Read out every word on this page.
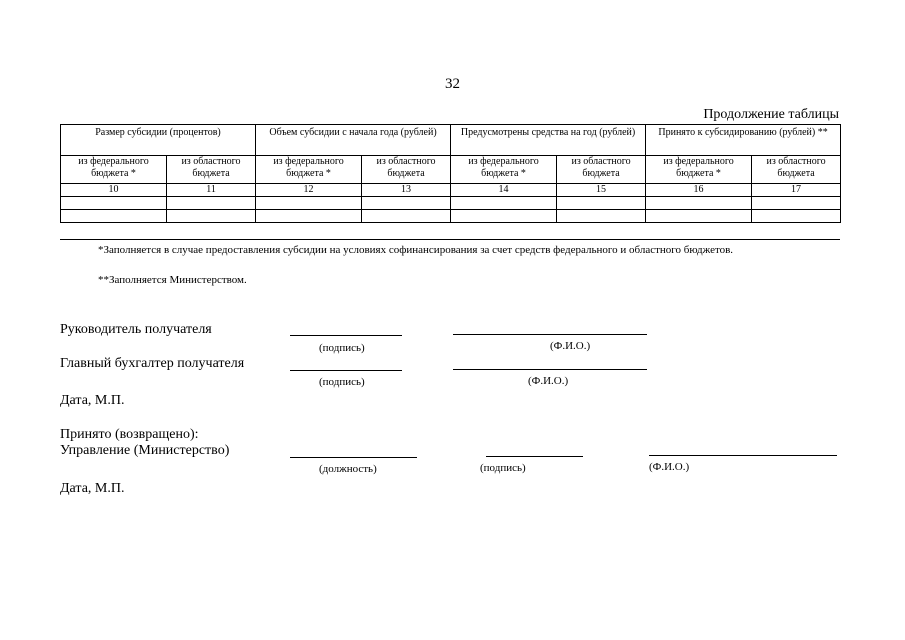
32
Продолжение таблицы
Размер субсидии (процентов)		Объем субсидии с начала года (рублей)		Предусмотрены средства на год (рублей)		Принято к субсидированию (рублей) **	
из федерального бюджета *	из областного бюджета	из федерального бюджета *	из областного бюджета	из федерального бюджета *	из областного бюджета	из федерального бюджета *	из областного бюджета
10	11	12	13	14	15	16	17

*Заполняется в случае предоставления субсидии на условиях софинансирования за счет средств федерального и областного бюджетов.
**Заполняется Министерством.
Руководитель получателя
(подпись)	(Ф.И.О.)
Главный бухгалтер получателя
(подпись)	(Ф.И.О.)
Дата, М.П.
Принято (возвращено):
Управление (Министерство)
(должность)	(подпись)	(Ф.И.О.)
Дата, М.П.
